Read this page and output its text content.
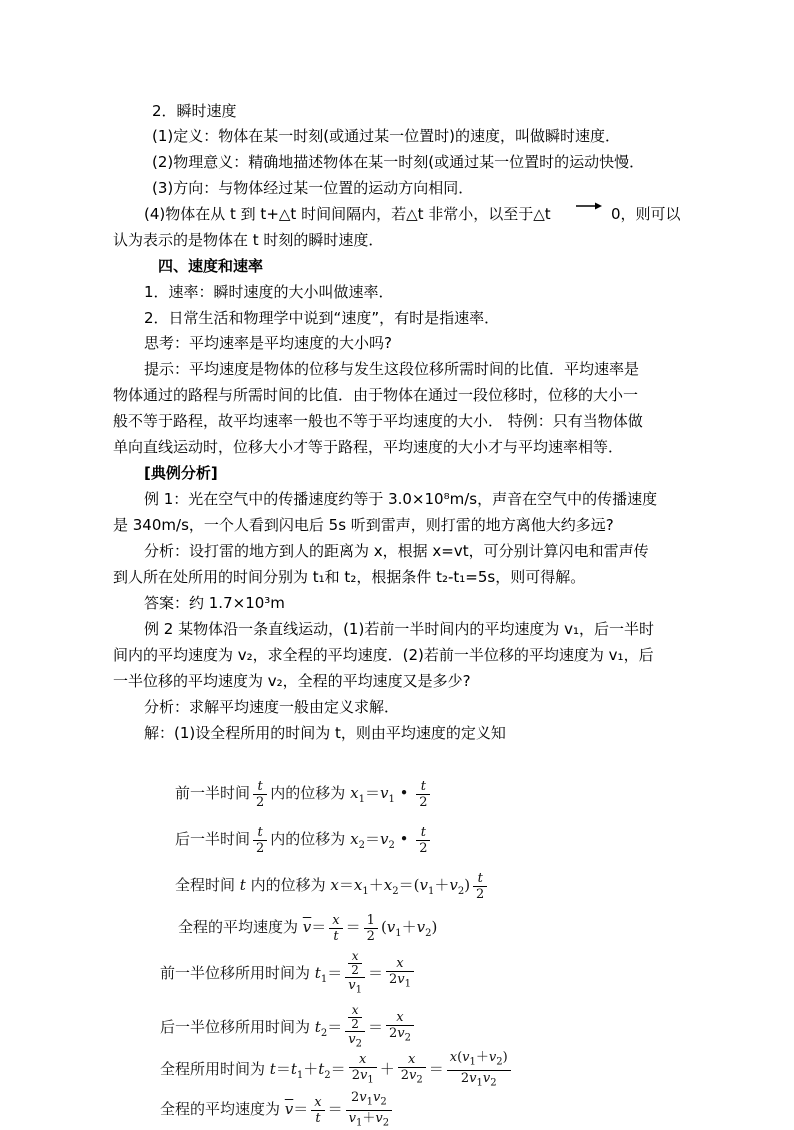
2．瞬时速度
(1)定义：物体在某一时刻(或通过某一位置时)的速度，叫做瞬时速度．
(2)物理意义：精确地描述物体在某一时刻(或通过某一位置时的运动快慢．
(3)方向：与物体经过某一位置的运动方向相同．
(4)物体在从 t 到 t+△t 时间间隔内，若△t 非常小，以至于△t	0，则可以
认为表示的是物体在 t 时刻的瞬时速度．
四、速度和速率
1．速率：瞬时速度的大小叫做速率．
2．日常生活和物理学中说到“速度”，有时是指速率．
思考：平均速率是平均速度的大小吗?
提示：平均速度是物体的位移与发生这段位移所需时间的比值．平均速率是
物体通过的路程与所需时间的比值．由于物体在通过一段位移时，位移的大小一
般不等于路程，故平均速率一般也不等于平均速度的大小． 特例：只有当物体做
单向直线运动时，位移大小才等于路程，平均速度的大小才与平均速率相等．
[典例分析]
例 1：光在空气中的传播速度约等于 3.0×10⁸m/s，声音在空气中的传播速度
是 340m/s，一个人看到闪电后 5s 听到雷声，则打雷的地方离他大约多远?
分析：设打雷的地方到人的距离为 x，根据 x=vt，可分别计算闪电和雷声传
到人所在处所用的时间分别为 t₁和 t₂，根据条件 t₂-t₁=5s，则可得解。
答案：约 1.7×10³m
例 2 某物体沿一条直线运动，(1)若前一半时间内的平均速度为 v₁，后一半时
间内的平均速度为 v₂，求全程的平均速度．(2)若前一半位移的平均速度为 v₁，后
一半位移的平均速度为 v₂，全程的平均速度又是多少?
分析：求解平均速度一般由定义求解．
解：(1)设全程所用的时间为 t，则由平均速度的定义知
前一半时间 $\frac{t}{2}$ 内的位移为 $x_1=v_1$ • $\frac{t}{2}$
后一半时间 $\frac{t}{2}$ 内的位移为 $x_2=v_2$ • $\frac{t}{2}$
全程时间 t 内的位移为 $x=x_1+x_2=(v_1+v_2) \frac{t}{2}$
全程的平均速度为 $\overline{v}= \frac{x}{t} = \frac{1}{2} (v_1+v_2)$
前一半位移所用时间为 $t_1= \frac{\frac{x}{2}}{v_1} = \frac{x}{2v_1}$
后一半位移所用时间为 $t_2= \frac{\frac{x}{2}}{v_2} = \frac{x}{2v_2}$
全程所用时间为 $t=t_1+t_2= \frac{x}{2v_1} + \frac{x}{2v_2} = \frac{x(v_1+v_2)}{2v_1v_2}$
全程的平均速度为 $\overline{v}= \frac{x}{t} = \frac{2v_1v_2}{v_1+v_2}$
